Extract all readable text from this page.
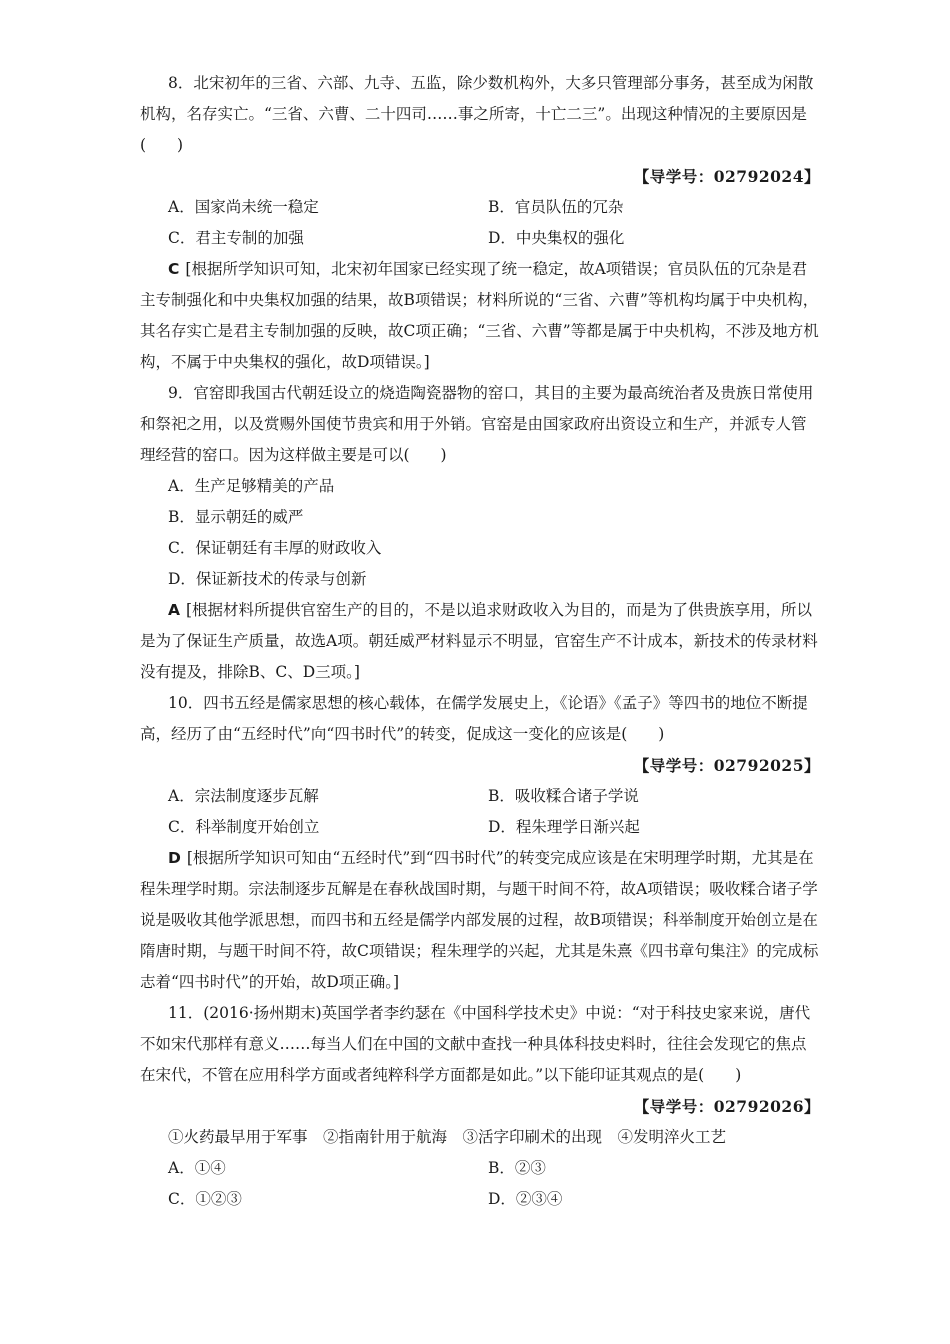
8．北宋初年的三省、六部、九寺、五监，除少数机构外，大多只管理部分事务，甚至成为闲散机构，名存实亡。“三省、六曹、二十四司……事之所寄，十亡二三”。出现这种情况的主要原因是(　　)

【导学号：02792024】

A．国家尚未统一稳定	B．官员队伍的冗杂
C．君主专制的加强	D．中央集权的强化

C [根据所学知识可知，北宋初年国家已经实现了统一稳定，故A项错误；官员队伍的冗杂是君主专制强化和中央集权加强的结果，故B项错误；材料所说的“三省、六曹”等机构均属于中央机构，其名存实亡是君主专制加强的反映，故C项正确；“三省、六曹”等都是属于中央机构，不涉及地方机构，不属于中央集权的强化，故D项错误。]

9．官窑即我国古代朝廷设立的烧造陶瓷器物的窑口，其目的主要为最高统治者及贵族日常使用和祭祀之用，以及赏赐外国使节贵宾和用于外销。官窑是由国家政府出资设立和生产，并派专人管理经营的窑口。因为这样做主要是可以(　　)

A．生产足够精美的产品

B．显示朝廷的威严

C．保证朝廷有丰厚的财政收入

D．保证新技术的传录与创新

A [根据材料所提供官窑生产的目的，不是以追求财政收入为目的，而是为了供贵族享用，所以是为了保证生产质量，故选A项。朝廷威严材料显示不明显，官窑生产不计成本，新技术的传录材料没有提及，排除B、C、D三项。]

10．四书五经是儒家思想的核心载体，在儒学发展史上，《论语》《孟子》等四书的地位不断提高，经历了由“五经时代”向“四书时代”的转变，促成这一变化的应该是(　　)

【导学号：02792025】

A．宗法制度逐步瓦解	B．吸收糅合诸子学说
C．科举制度开始创立	D．程朱理学日渐兴起

D [根据所学知识可知由“五经时代”到“四书时代”的转变完成应该是在宋明理学时期，尤其是在程朱理学时期。宗法制逐步瓦解是在春秋战国时期，与题干时间不符，故A项错误；吸收糅合诸子学说是吸收其他学派思想，而四书和五经是儒学内部发展的过程，故B项错误；科举制度开始创立是在隋唐时期，与题干时间不符，故C项错误；程朱理学的兴起，尤其是朱熹《四书章句集注》的完成标志着“四书时代”的开始，故D项正确。]

11．(2016·扬州期末)英国学者李约瑟在《中国科学技术史》中说：“对于科技史家来说，唐代不如宋代那样有意义……每当人们在中国的文献中查找一种具体科技史料时，往往会发现它的焦点在宋代，不管在应用科学方面或者纯粹科学方面都是如此。”以下能印证其观点的是(　　)

【导学号：02792026】

①火药最早用于军事　②指南针用于航海　③活字印刷术的出现　④发明淬火工艺

A．①④	B．②③
C．①②③	D．②③④
